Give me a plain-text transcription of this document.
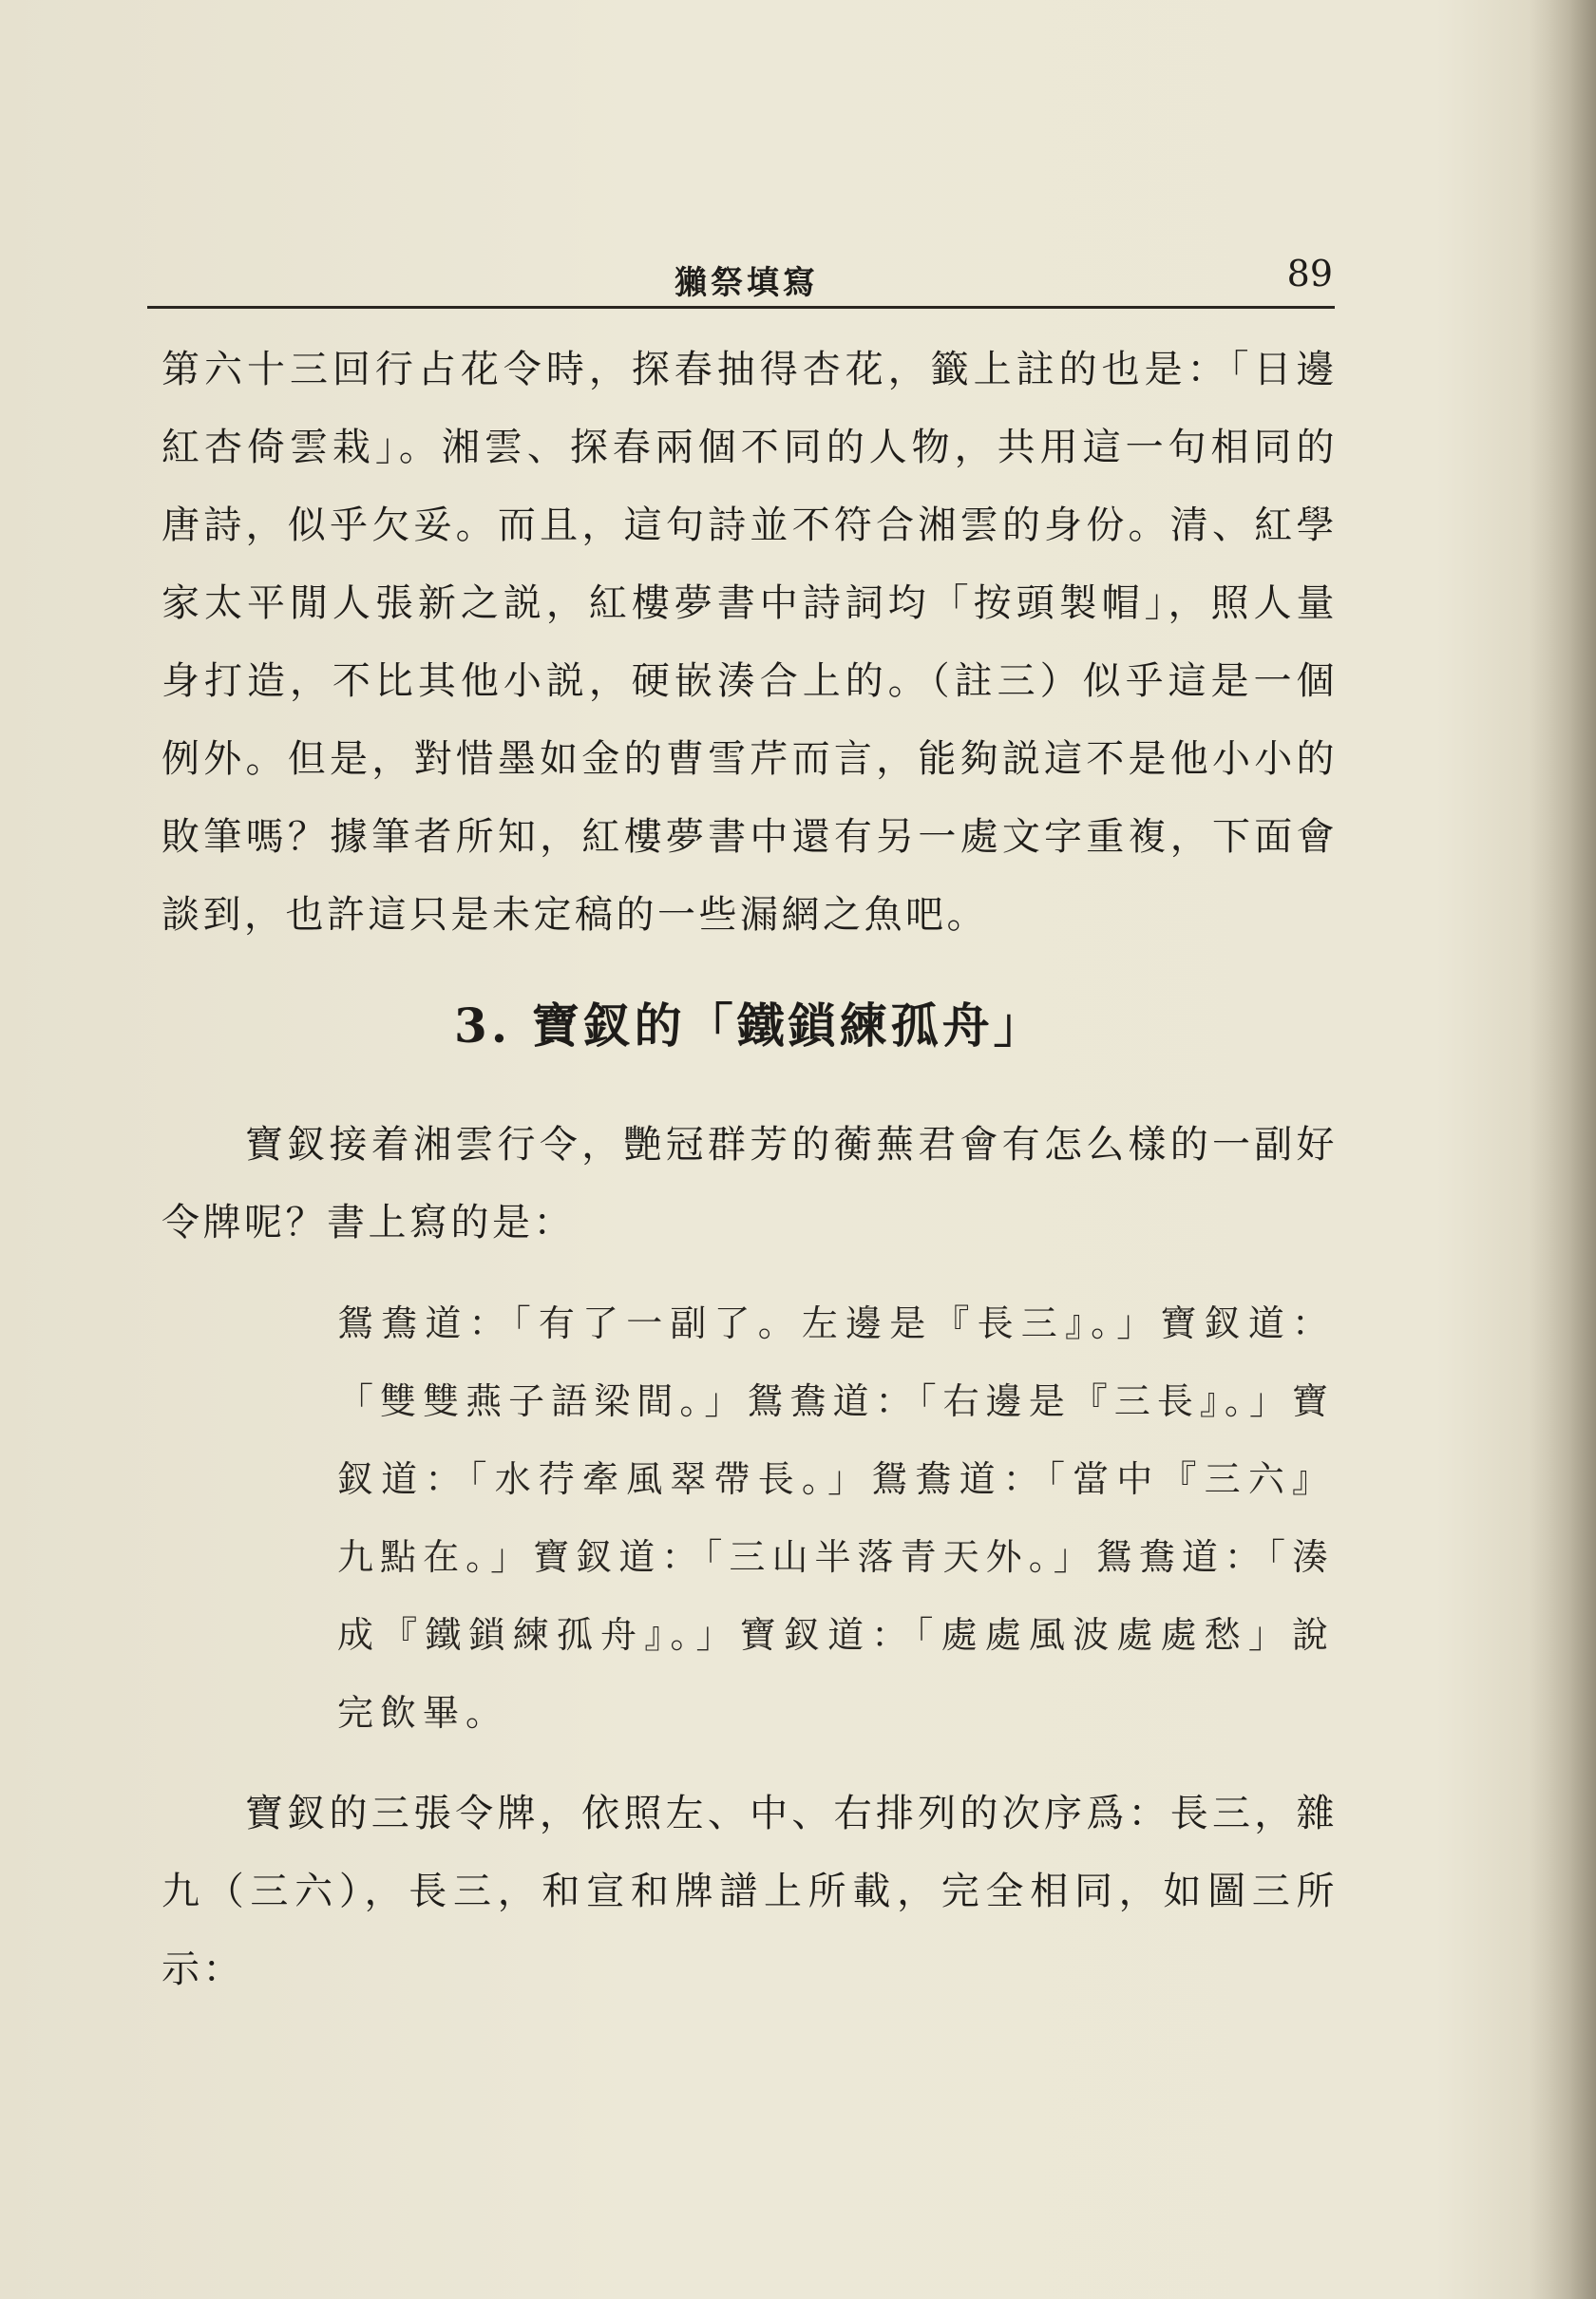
獺祭填寫	89

第六十三回行占花令時，探春抽得杏花，籤上註的也是：「日邊紅杏倚雲栽」。湘雲、探春兩個不同的人物，共用這一句相同的唐詩，似乎欠妥。而且，這句詩並不符合湘雲的身份。清、紅學家太平閒人張新之説，紅樓夢書中詩詞均「按頭製帽」，照人量身打造，不比其他小説，硬嵌湊合上的。（註三）似乎這是一個例外。但是，對惜墨如金的曹雪芹而言，能夠説這不是他小小的敗筆嗎？據筆者所知，紅樓夢書中還有另一處文字重複，下面會談到，也許這只是未定稿的一些漏網之魚吧。

3. 寶釵的「鐵鎖練孤舟」

寶釵接着湘雲行令，艷冠群芳的蘅蕪君會有怎么樣的一副好令牌呢？書上寫的是：

鴛鴦道：「有了一副了。左邊是『長三』。」寶釵道：「雙雙燕子語梁間。」鴛鴦道：「右邊是『三長』。」寶釵道：「水荇牽風翠帶長。」鴛鴦道：「當中『三六』九點在。」寶釵道：「三山半落青天外。」鴛鴦道：「湊成『鐵鎖練孤舟』。」寶釵道：「處處風波處處愁」說完飲畢。

寶釵的三張令牌，依照左、中、右排列的次序爲：長三，雜九（三六），長三，和宣和牌譜上所載，完全相同，如圖三所示：
